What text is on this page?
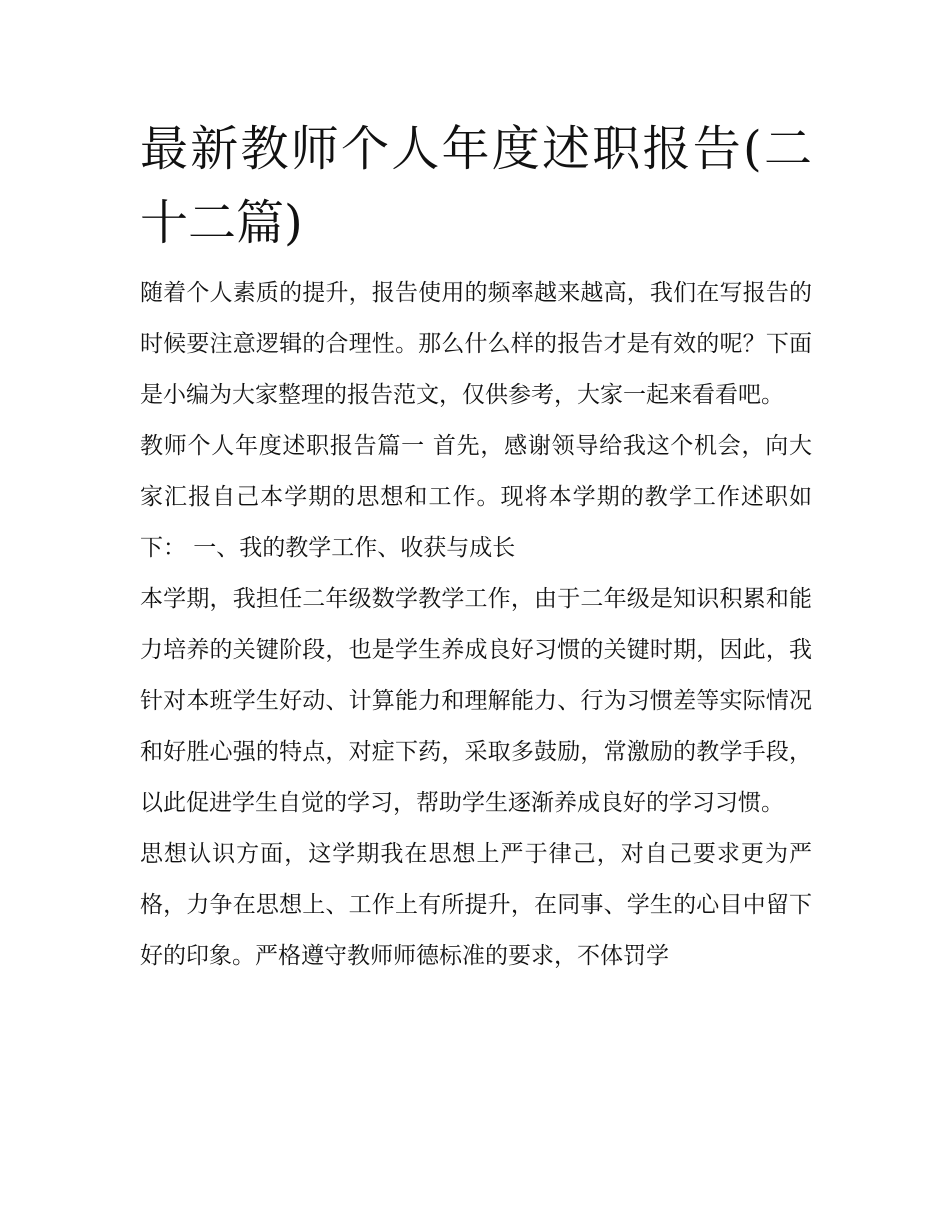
最新教师个人年度述职报告(二十二篇)

随着个人素质的提升，报告使用的频率越来越高，我们在写报告的时候要注意逻辑的合理性。那么什么样的报告才是有效的呢？下面是小编为大家整理的报告范文，仅供参考，大家一起来看看吧。

教师个人年度述职报告篇一 首先，感谢领导给我这个机会，向大家汇报自己本学期的思想和工作。现将本学期的教学工作述职如下： 一、我的教学工作、收获与成长

本学期，我担任二年级数学教学工作，由于二年级是知识积累和能力培养的关键阶段，也是学生养成良好习惯的关键时期，因此，我针对本班学生好动、计算能力和理解能力、行为习惯差等实际情况和好胜心强的特点，对症下药，采取多鼓励，常激励的教学手段，以此促进学生自觉的学习，帮助学生逐渐养成良好的学习习惯。

思想认识方面，这学期我在思想上严于律己，对自己要求更为严格，力争在思想上、工作上有所提升，在同事、学生的心目中留下好的印象。严格遵守教师师德标准的要求，不体罚学
